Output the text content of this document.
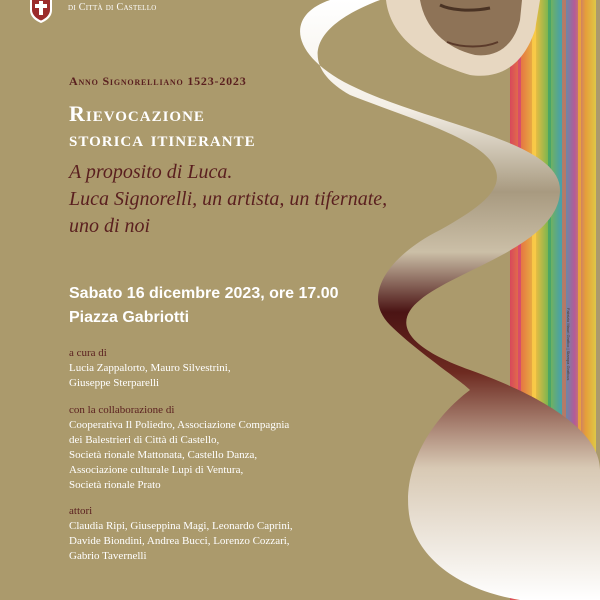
di Città di Castello
Anno Signorelliano 1523-2023
Rievocazione
storica itinerante
A proposito di Luca.
Luca Signorelli, un artista, un tifernate,
uno di noi
Sabato 16 dicembre 2023, ore 17.00
Piazza Gabriotti
a cura di
Lucia Zappalorto, Mauro Silvestrini,
Giuseppe Sterparelli
con la collaborazione di
Cooperativa Il Poliedro, Associazione Compagnia
dei Balestrieri di Città di Castello,
Società rionale Mattonata, Castello Danza,
Associazione culturale Lupi di Ventura,
Società rionale Prato
attori
Claudia Ripi, Giuseppina Magi, Leonardo Caprini,
Davide Biondini, Andrea Bucci, Lorenzo Cozzari,
Gabrio Tavernelli
Fabrizio Mauri Grafico | Stampa Graficus
